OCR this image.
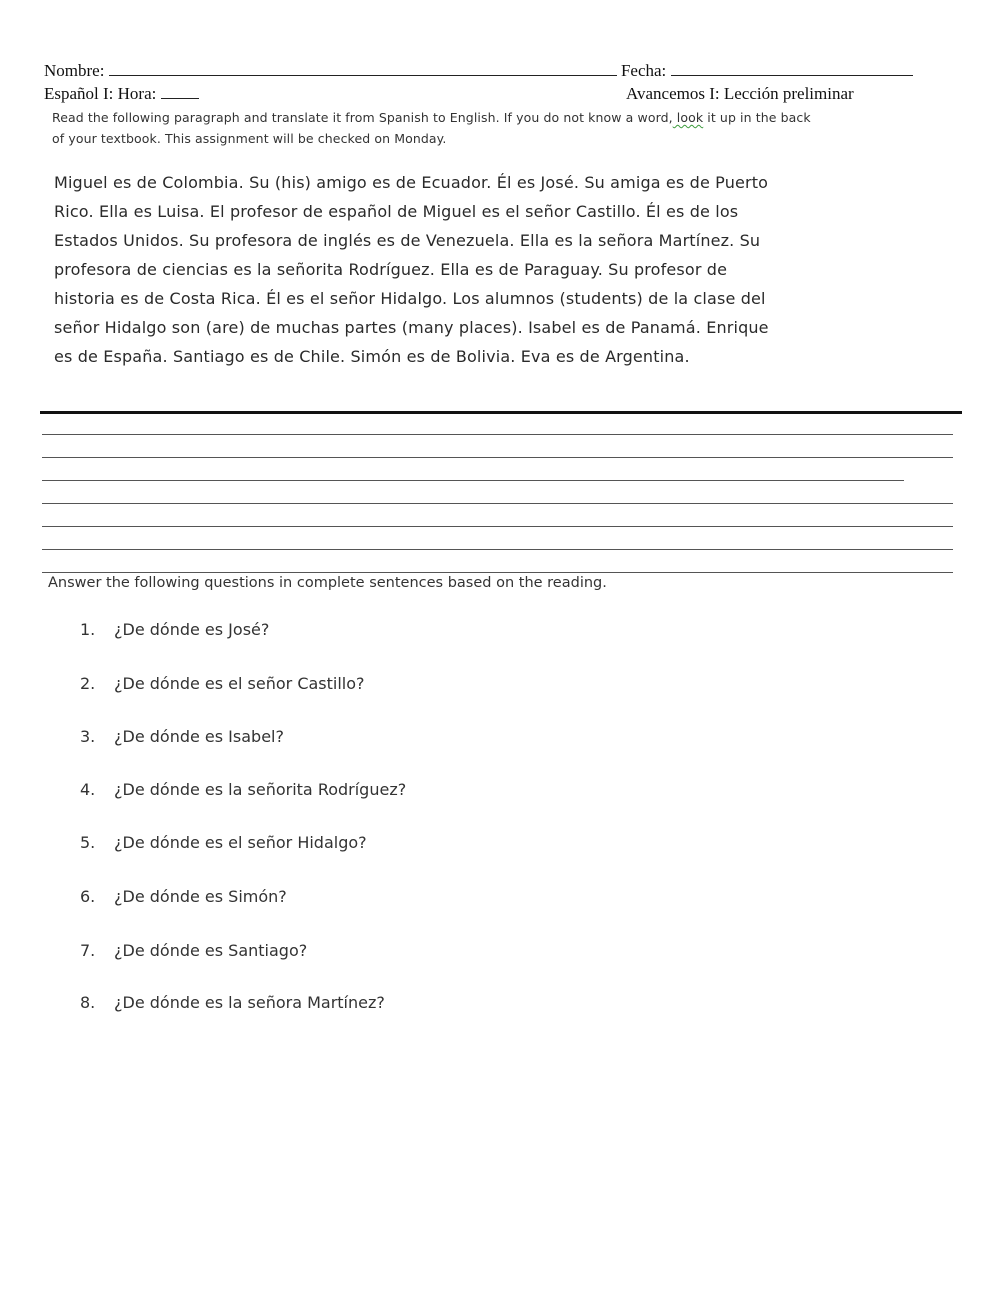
Nombre:	Fecha:
Español I: Hora:	Avancemos I: Lección preliminar
Read the following paragraph and translate it from Spanish to English. If you do not know a word, look it up in the back
of your textbook. This assignment will be checked on Monday.
Miguel es de Colombia. Su (his) amigo es de Ecuador. Él es José. Su amiga es de Puerto
Rico. Ella es Luisa. El profesor de español de Miguel es el señor Castillo. Él es de los
Estados Unidos. Su profesora de inglés es de Venezuela. Ella es la señora Martínez. Su
profesora de ciencias es la señorita Rodríguez. Ella es de Paraguay. Su profesor de
historia es de Costa Rica. Él es el señor Hidalgo. Los alumnos (students) de la clase del
señor Hidalgo son (are) de muchas partes (many places). Isabel es de Panamá. Enrique
es de España. Santiago es de Chile. Simón es de Bolivia. Eva es de Argentina.
Answer the following questions in complete sentences based on the reading.
1. ¿De dónde es José?
2. ¿De dónde es el señor Castillo?
3. ¿De dónde es Isabel?
4. ¿De dónde es la señorita Rodríguez?
5. ¿De dónde es el señor Hidalgo?
6. ¿De dónde es Simón?
7. ¿De dónde es Santiago?
8. ¿De dónde es la señora Martínez?
